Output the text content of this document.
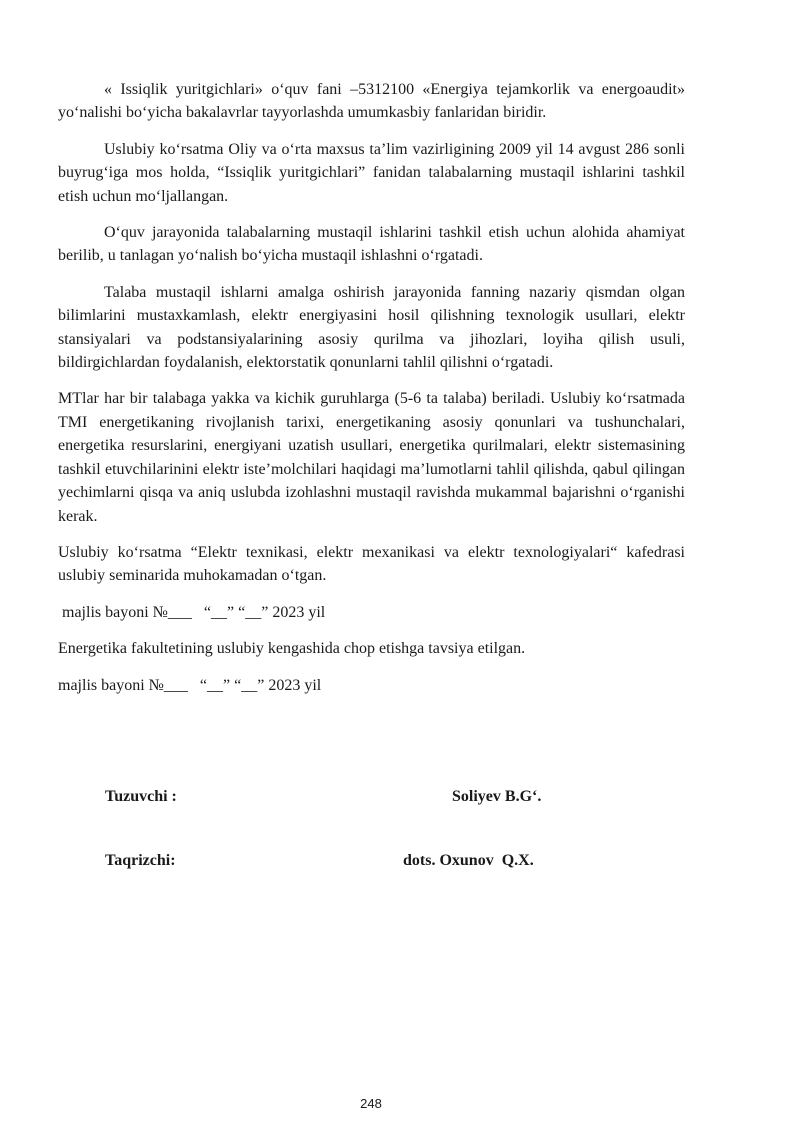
« Issiqlik yuritgichlari» oʻquv fani –5312100 «Energiya tejamkorlik va energoaudit» yoʻnalishi boʻyicha bakalavrlar tayyorlashda umumkasbiy fanlaridan biridir.

Uslubiy koʻrsatma Oliy va oʻrta maxsus ta’lim vazirligining 2009 yil 14 avgust 286 sonli buyrugʻiga mos holda, “Issiqlik yuritgichlari” fanidan talabalarning mustaqil ishlarini tashkil etish uchun moʻljallangan.

Oʻquv jarayonida talabalarning mustaqil ishlarini tashkil etish uchun alohida ahamiyat berilib, u tanlagan yoʻnalish boʻyicha mustaqil ishlashni oʻrgatadi.

Talaba mustaqil ishlarni amalga oshirish jarayonida fanning nazariy qismdan olgan bilimlarini mustaxkamlash, elektr energiyasini hosil qilishning texnologik usullari, elektr stansiyalari va podstansiyalarining asosiy qurilma va jihozlari, loyiha qilish usuli, bildirgichlardan foydalanish, elektorstatik qonunlarni tahlil qilishni oʻrgatadi.

MTlar har bir talabaga yakka va kichik guruhlarga (5-6 ta talaba) beriladi. Uslubiy koʻrsatmada TMI energetikaning rivojlanish tarixi, energetikaning asosiy qonunlari va tushunchalari, energetika resurslarini, energiyani uzatish usullari, energetika qurilmalari, elektr sistemasining tashkil etuvchilarinini elektr iste’molchilari haqidagi ma’lumotlarni tahlil qilishda, qabul qilingan yechimlarni qisqa va aniq uslubda izohlashni mustaqil ravishda mukammal bajarishni oʻrganishi kerak.

Uslubiy koʻrsatma “Elektr texnikasi, elektr mexanikasi va elektr texnologiyalari“ kafedrasi uslubiy seminarida muhokamadan oʻtgan.

majlis bayoni №___   “__” “__” 2023 yil
Energetika fakultetining uslubiy kengashida chop etishga tavsiya etilgan.
majlis bayoni №___   “__” “__” 2023 yil
Tuzuvchi :	Soliyev B.Gʻ.
Taqrizchi:	dots. Oxunov  Q.X.
248
